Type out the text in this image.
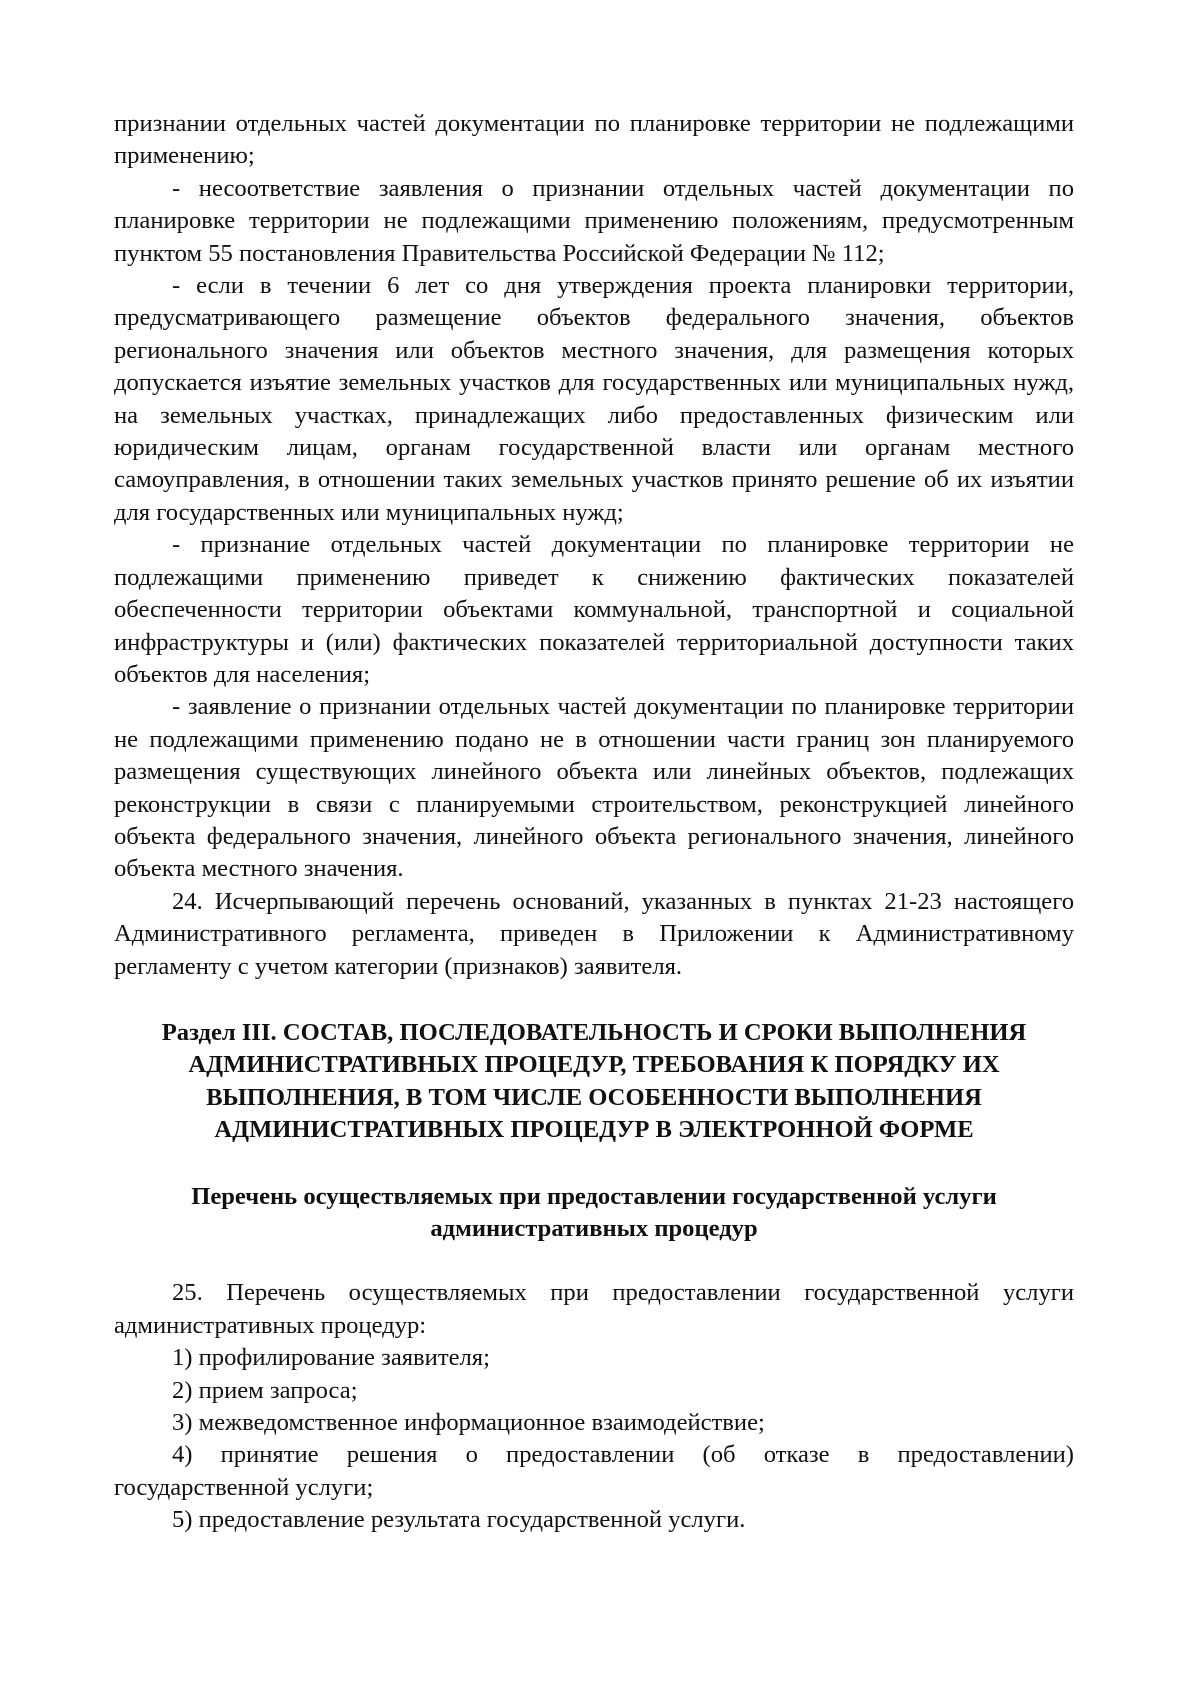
признании отдельных частей документации по планировке территории не подлежащими применению;

- несоответствие заявления о признании отдельных частей документации по планировке территории не подлежащими применению положениям, предусмотренным пунктом 55 постановления Правительства Российской Федерации № 112;

- если в течении 6 лет со дня утверждения проекта планировки территории, предусматривающего размещение объектов федерального значения, объектов регионального значения или объектов местного значения, для размещения которых допускается изъятие земельных участков для государственных или муниципальных нужд, на земельных участках, принадлежащих либо предоставленных физическим или юридическим лицам, органам государственной власти или органам местного самоуправления, в отношении таких земельных участков принято решение об их изъятии для государственных или муниципальных нужд;

- признание отдельных частей документации по планировке территории не подлежащими применению приведет к снижению фактических показателей обеспеченности территории объектами коммунальной, транспортной и социальной инфраструктуры и (или) фактических показателей территориальной доступности таких объектов для населения;

- заявление о признании отдельных частей документации по планировке территории не подлежащими применению подано не в отношении части границ зон планируемого размещения существующих линейного объекта или линейных объектов, подлежащих реконструкции в связи с планируемыми строительством, реконструкцией линейного объекта федерального значения, линейного объекта регионального значения, линейного объекта местного значения.

24. Исчерпывающий перечень оснований, указанных в пунктах 21-23 настоящего Административного регламента, приведен в Приложении к Административному регламенту с учетом категории (признаков) заявителя.

Раздел III. СОСТАВ, ПОСЛЕДОВАТЕЛЬНОСТЬ И СРОКИ ВЫПОЛНЕНИЯ АДМИНИСТРАТИВНЫХ ПРОЦЕДУР, ТРЕБОВАНИЯ К ПОРЯДКУ ИХ ВЫПОЛНЕНИЯ, В ТОМ ЧИСЛЕ ОСОБЕННОСТИ ВЫПОЛНЕНИЯ АДМИНИСТРАТИВНЫХ ПРОЦЕДУР В ЭЛЕКТРОННОЙ ФОРМЕ
Перечень осуществляемых при предоставлении государственной услуги административных процедур

25. Перечень осуществляемых при предоставлении государственной услуги административных процедур:

1) профилирование заявителя;

2) прием запроса;

3) межведомственное информационное взаимодействие;

4) принятие решения о предоставлении (об отказе в предоставлении) государственной услуги;

5) предоставление результата государственной услуги.
